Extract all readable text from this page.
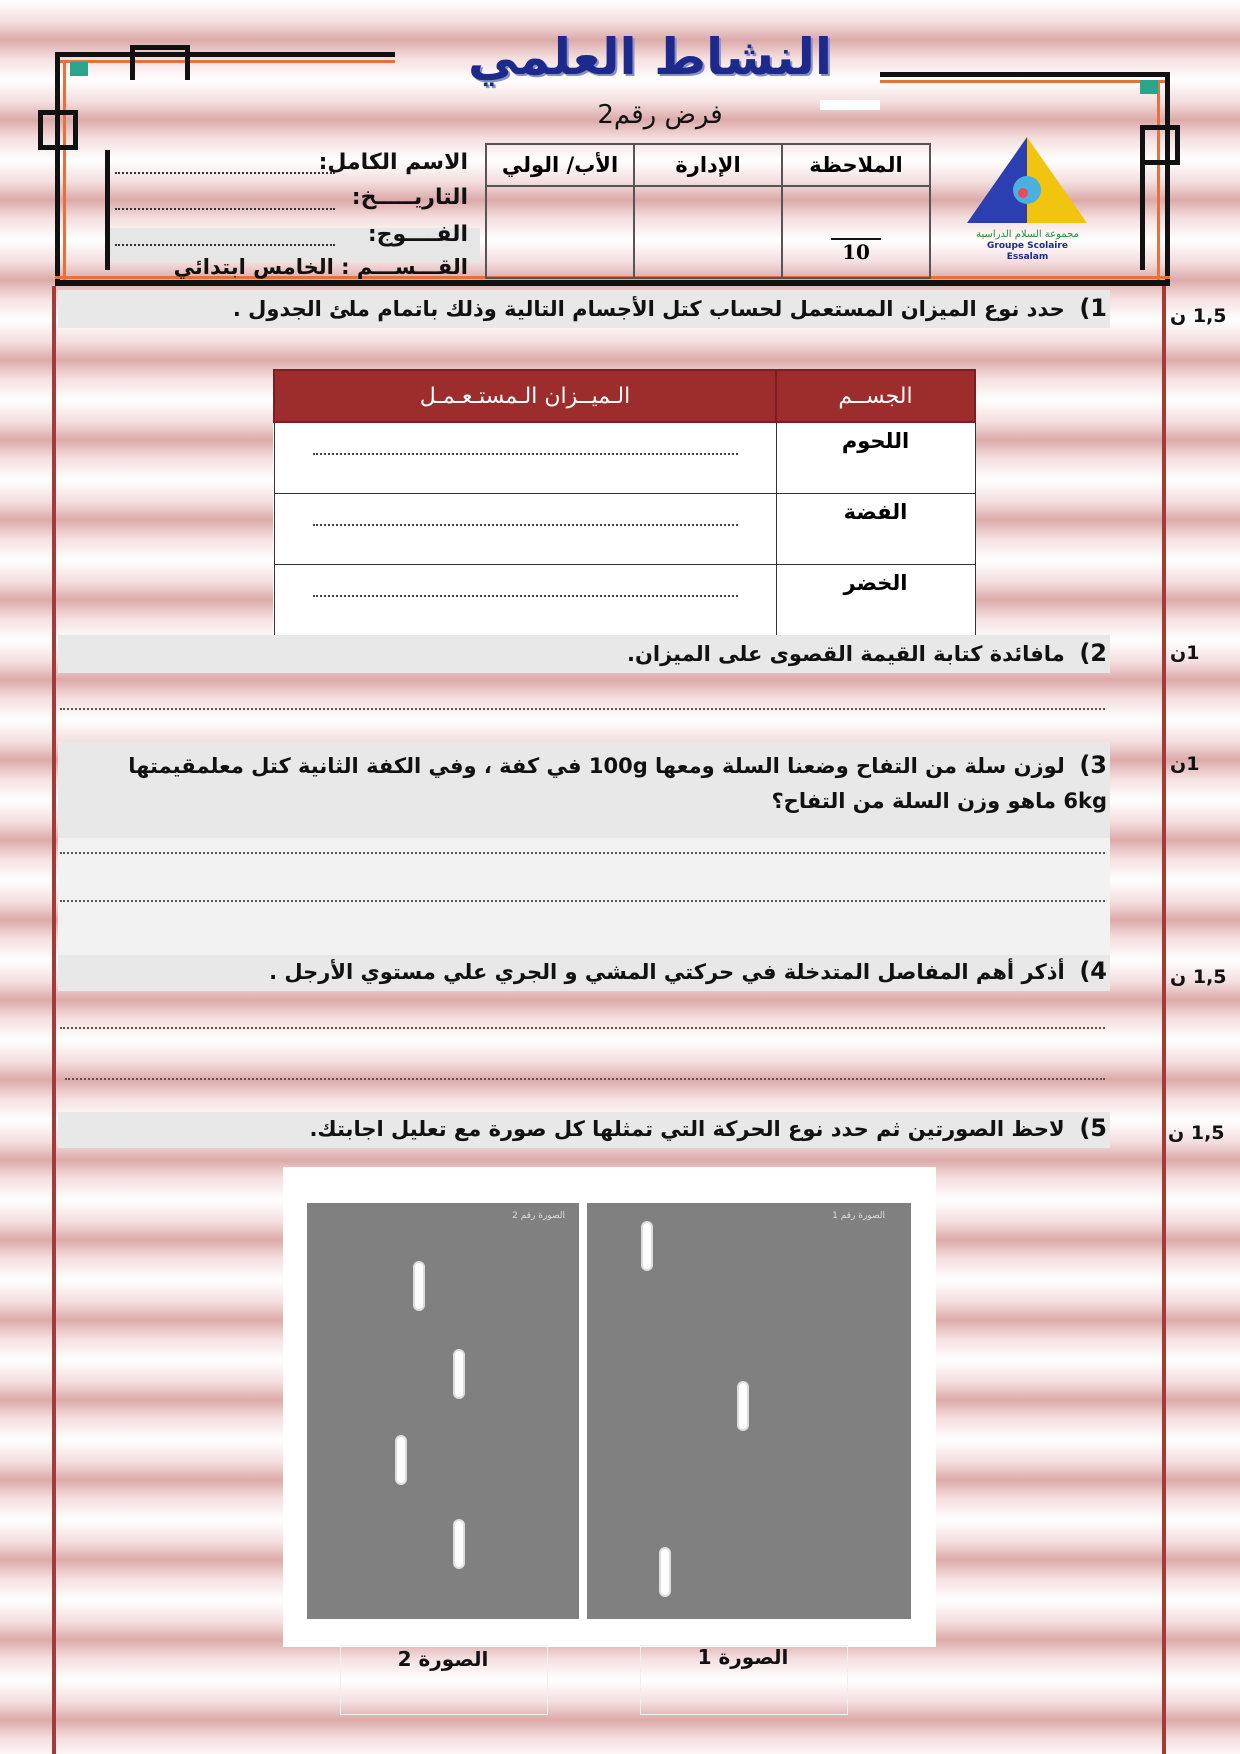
النشاط العلمي
فرض رقم2
الاسم الكامل:
التاريـــــخ:
الفــــوج:
القـــســـم : الخامس ابتدائي
الأب/ الولي	الإدارة	الملاحظة

		10
مجموعة السلام الدراسية
Groupe Scolaire Essalam
1)  حدد نوع الميزان المستعمل لحساب كتل الأجسام التالية وذلك باتمام ملئ الجدول .	1,5 ن
الـميــزان الـمستـعـمـل	الجســم

	اللحوم

	الفضة

	الخضر
2)  مافائدة كتابة القيمة القصوى على الميزان.	1ن
3)  لوزن سلة من التفاح وضعنا السلة ومعها 100g في كفة ، وفي الكفة الثانية كتل معلمقيمتها 6kg ماهو وزن السلة من التفاح؟
1ن
4)  أذكر أهم المفاصل المتدخلة في حركتي المشي و الجري علي مستوي الأرجل .	1,5 ن
5)  لاحظ الصورتين ثم حدد نوع الحركة التي تمثلها كل صورة مع تعليل اجابتك.	1,5 ن
الصورة رقم 2	الصورة رقم 1
الصورة 2	الصورة 1
